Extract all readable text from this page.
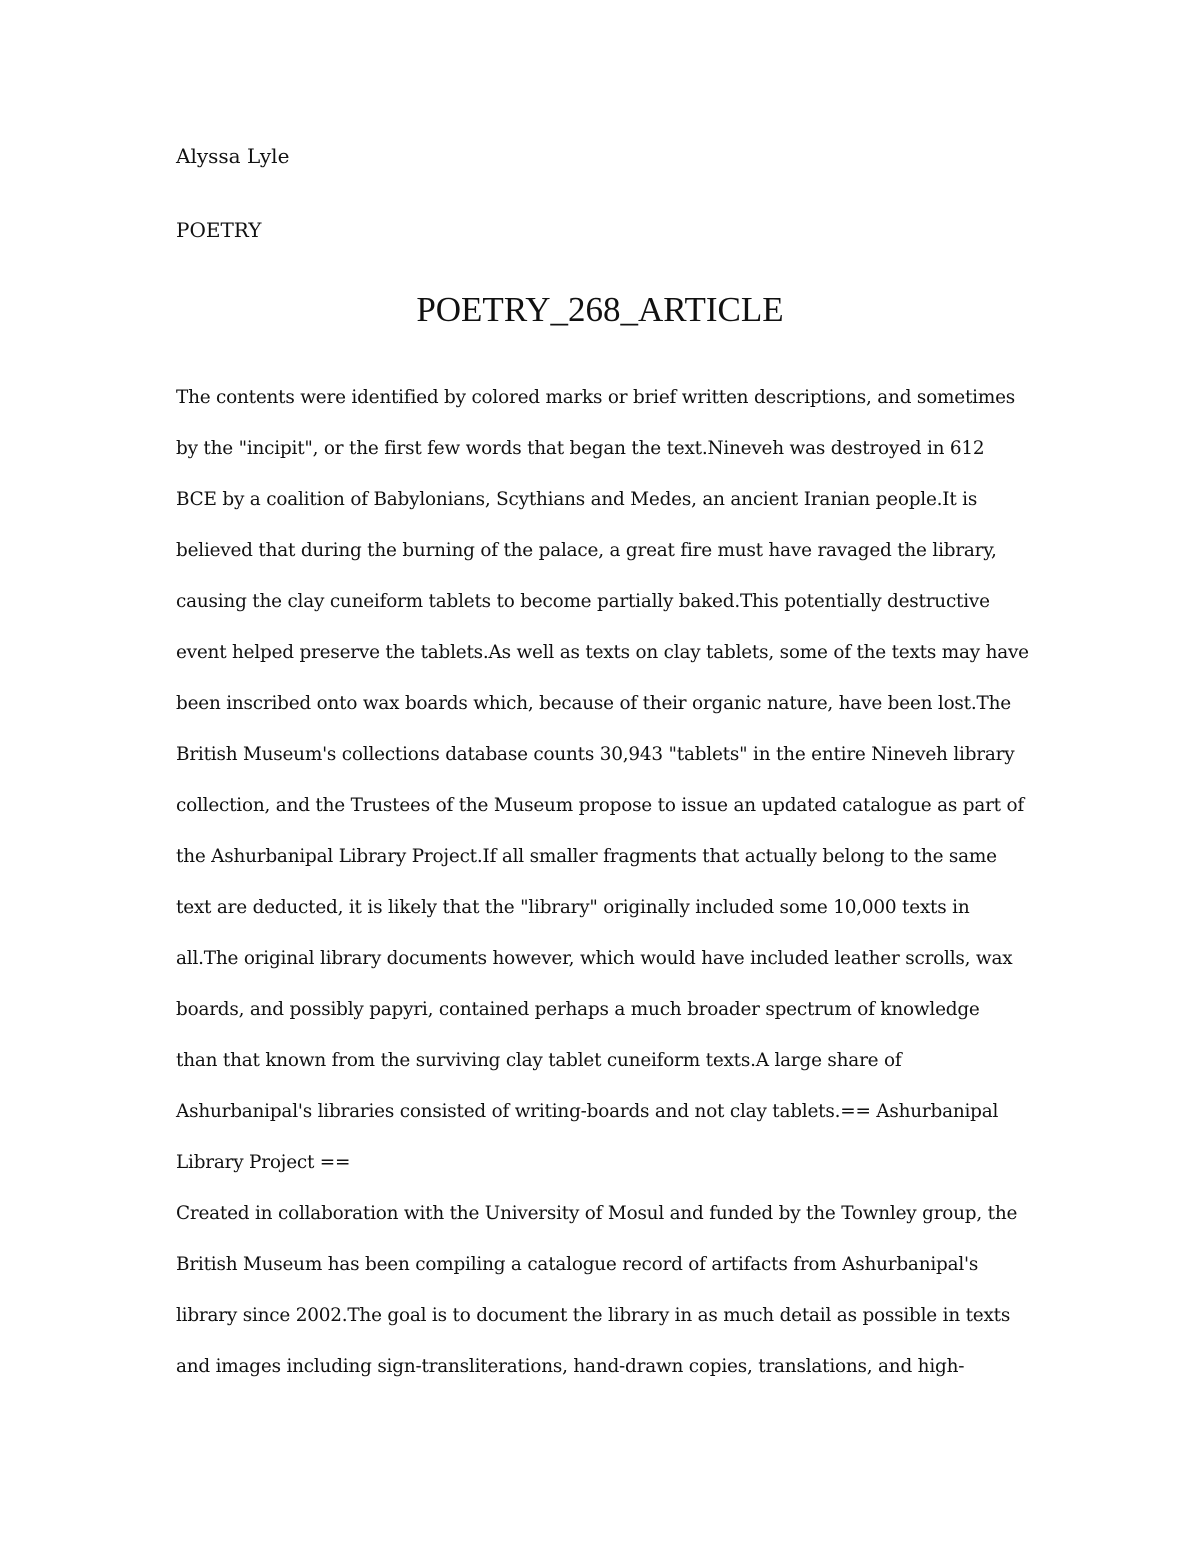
Alyssa Lyle
POETRY
POETRY_268_ARTICLE
The contents were identified by colored marks or brief written descriptions, and sometimes
by the "incipit", or the first few words that began the text.Nineveh was destroyed in 612
BCE by a coalition of Babylonians, Scythians and Medes, an ancient Iranian people.It is
believed that during the burning of the palace, a great fire must have ravaged the library,
causing the clay cuneiform tablets to become partially baked.This potentially destructive
event helped preserve the tablets.As well as texts on clay tablets, some of the texts may have
been inscribed onto wax boards which, because of their organic nature, have been lost.The
British Museum's collections database counts 30,943 "tablets" in the entire Nineveh library
collection, and the Trustees of the Museum propose to issue an updated catalogue as part of
the Ashurbanipal Library Project.If all smaller fragments that actually belong to the same
text are deducted, it is likely that the "library" originally included some 10,000 texts in
all.The original library documents however, which would have included leather scrolls, wax
boards, and possibly papyri, contained perhaps a much broader spectrum of knowledge
than that known from the surviving clay tablet cuneiform texts.A large share of
Ashurbanipal's libraries consisted of writing-boards and not clay tablets.== Ashurbanipal
Library Project ==
Created in collaboration with the University of Mosul and funded by the Townley group, the
British Museum has been compiling a catalogue record of artifacts from Ashurbanipal's
library since 2002.The goal is to document the library in as much detail as possible in texts
and images including sign-transliterations, hand-drawn copies, translations, and high-
